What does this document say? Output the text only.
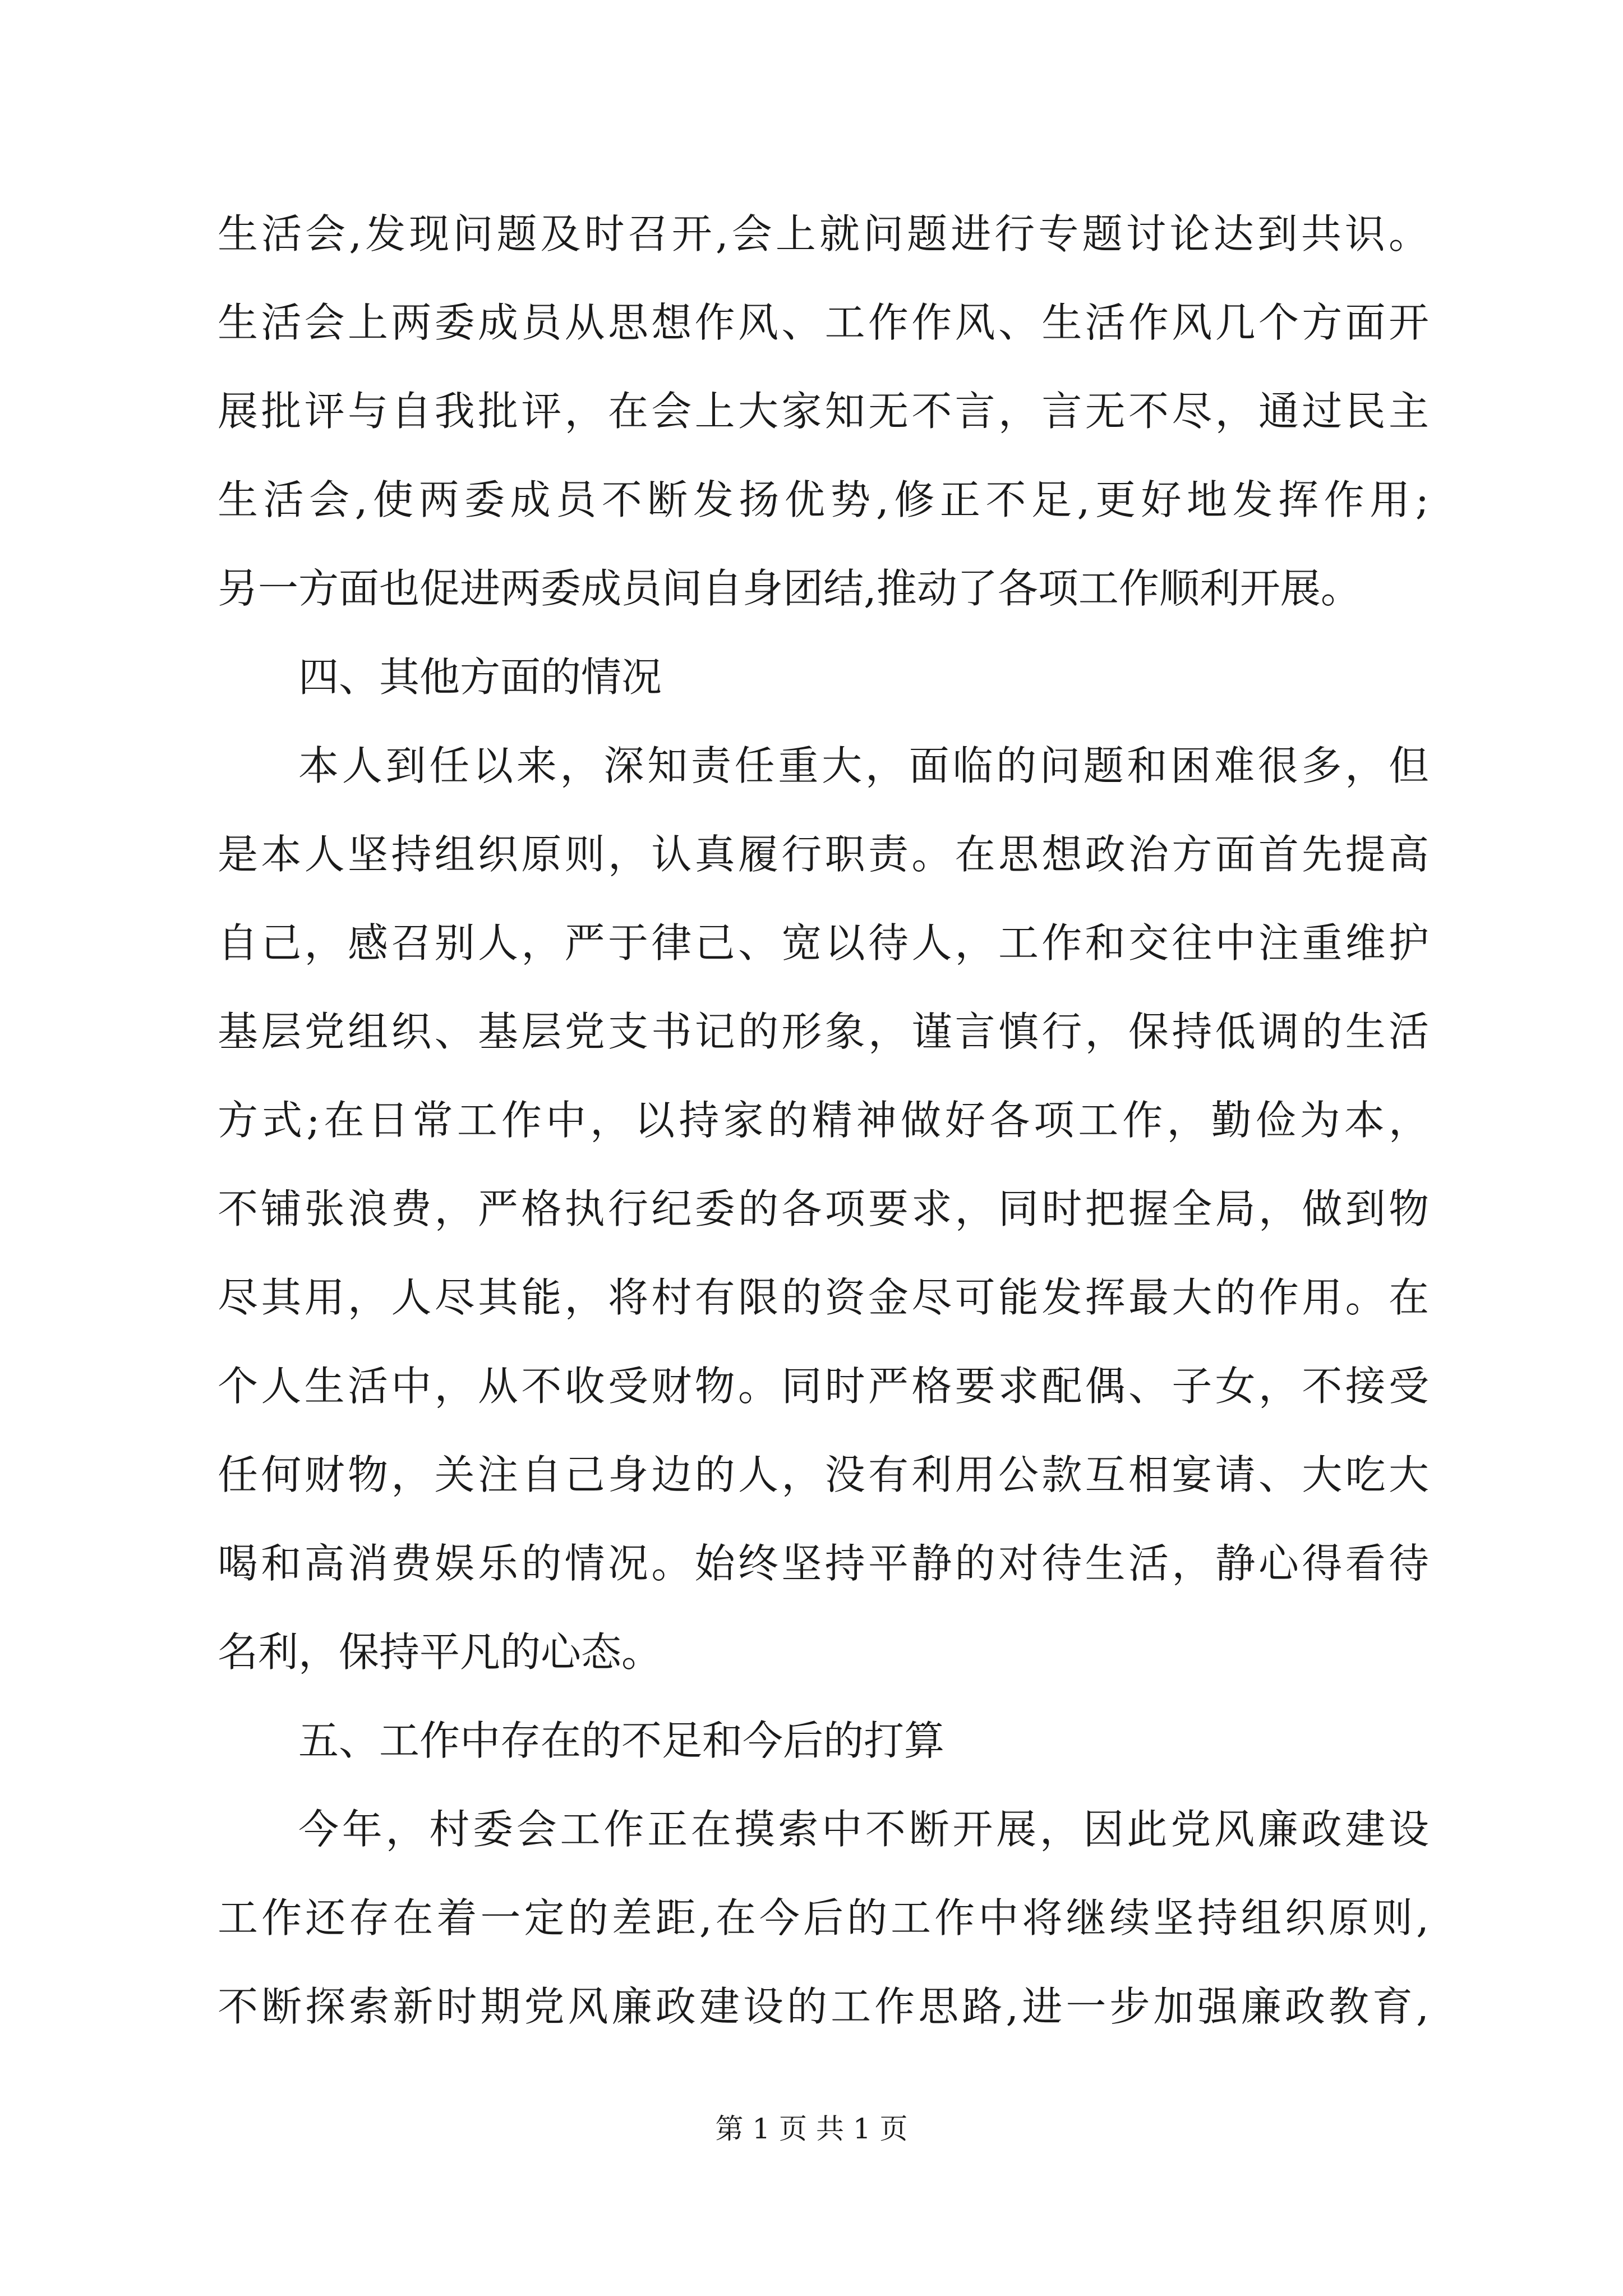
生活会,发现问题及时召开,会上就问题进行专题讨论达到共识。
生活会上两委成员从思想作风、工作作风、生活作风几个方面开
展批评与自我批评，在会上大家知无不言，言无不尽，通过民主
生活会,使两委成员不断发扬优势,修正不足,更好地发挥作用;
另一方面也促进两委成员间自身团结,推动了各项工作顺利开展。
四、其他方面的情况
本人到任以来，深知责任重大，面临的问题和困难很多，但
是本人坚持组织原则，认真履行职责。在思想政治方面首先提高
自己，感召别人，严于律己、宽以待人，工作和交往中注重维护
基层党组织、基层党支书记的形象，谨言慎行，保持低调的生活
方式;在日常工作中，以持家的精神做好各项工作，勤俭为本，
不铺张浪费，严格执行纪委的各项要求，同时把握全局，做到物
尽其用，人尽其能，将村有限的资金尽可能发挥最大的作用。在
个人生活中，从不收受财物。同时严格要求配偶、子女，不接受
任何财物，关注自己身边的人，没有利用公款互相宴请、大吃大
喝和高消费娱乐的情况。始终坚持平静的对待生活，静心得看待
名利，保持平凡的心态。
五、工作中存在的不足和今后的打算
今年，村委会工作正在摸索中不断开展，因此党风廉政建设
工作还存在着一定的差距,在今后的工作中将继续坚持组织原则,
不断探索新时期党风廉政建设的工作思路,进一步加强廉政教育,
第 1 页 共 1 页
